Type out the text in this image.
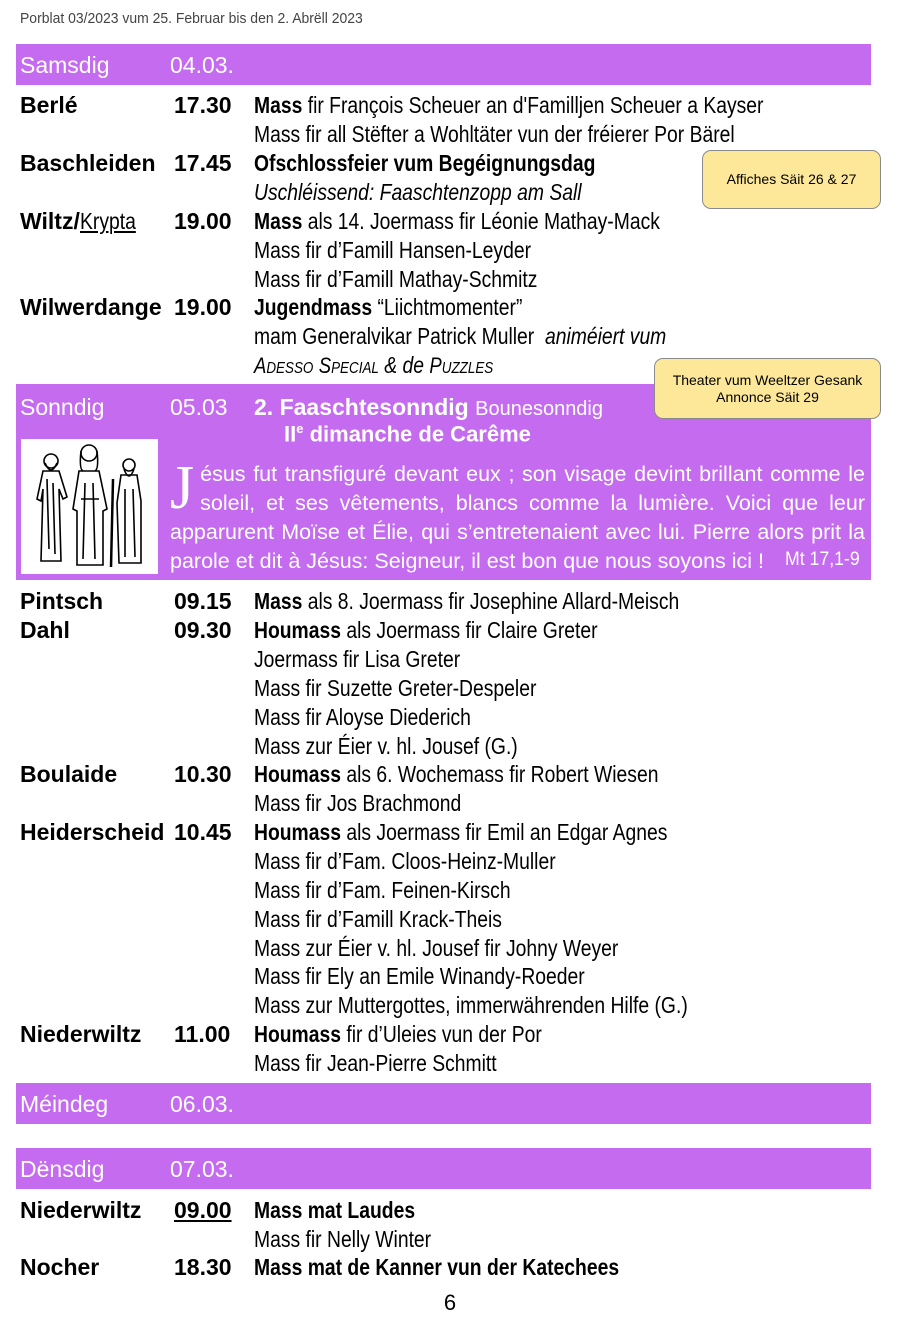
Porblat 03/2023 vum 25. Februar bis den 2. Abrëll 2023
Samsdig	04.03.
Berlé	17.30 Mass fir François Scheuer an d'Familljen Scheuer a Kayser
Mass fir all Stëfter a Wohltäter vun der fréierer Por Bärel
Baschleiden 17.45 Ofschlossfeier vum Begéignungsdag
Uschléissend: Faaschtenzopp am Sall
Wiltz/Krypta	19.00 Mass als 14. Joermass fir Léonie Mathay-Mack
Mass fir d’Famill Hansen-Leyder
Mass fir d’Famill Mathay-Schmitz
Wilwerdange 19.00 Jugendmass “Liichtmomenter”
mam Generalvikar Patrick Muller animéiert vum
ADESSO SPECIAL & de PUZZLES
Affiches Säit 26 & 27
Sonndig	05.03 2. Faaschtesonndig Bounesonndig
IIe dimanche de Carême
Theater vum Weeltzer Gesank
Annonce Säit 29
Jésus fut transfiguré devant eux ; son visage devint brillant comme le soleil, et ses vêtements, blancs comme la lumière. Voici que leur apparurent Moïse et Élie, qui s’entretenaient avec lui. Pierre alors prit la parole et dit à Jésus: Seigneur, il est bon que nous soyons ici !	Mt 17,1-9
Pintsch	09.15 Mass als 8. Joermass fir Josephine Allard-Meisch
Dahl	09.30 Houmass als Joermass fir Claire Greter
Joermass fir Lisa Greter
Mass fir Suzette Greter-Despeler
Mass fir Aloyse Diederich
Mass zur Éier v. hl. Jousef (G.)
Boulaide 10.30 Houmass als 6. Wochemass fir Robert Wiesen
Mass fir Jos Brachmond
Heiderscheid 10.45 Houmass als Joermass fir Emil an Edgar Agnes
Mass fir d’Fam. Cloos-Heinz-Muller
Mass fir d’Fam. Feinen-Kirsch
Mass fir d’Famill Krack-Theis
Mass zur Éier v. hl. Jousef fir Johny Weyer
Mass fir Ely an Emile Winandy-Roeder
Mass zur Muttergottes, immerwährenden Hilfe (G.)
Niederwiltz 11.00 Houmass fir d’Uleies vun der Por
Mass fir Jean-Pierre Schmitt
Méindeg	06.03.
Dënsdig	07.03.
Niederwiltz 09.00 Mass mat Laudes
Mass fir Nelly Winter
Nocher	18.30 Mass mat de Kanner vun der Katechees
6
